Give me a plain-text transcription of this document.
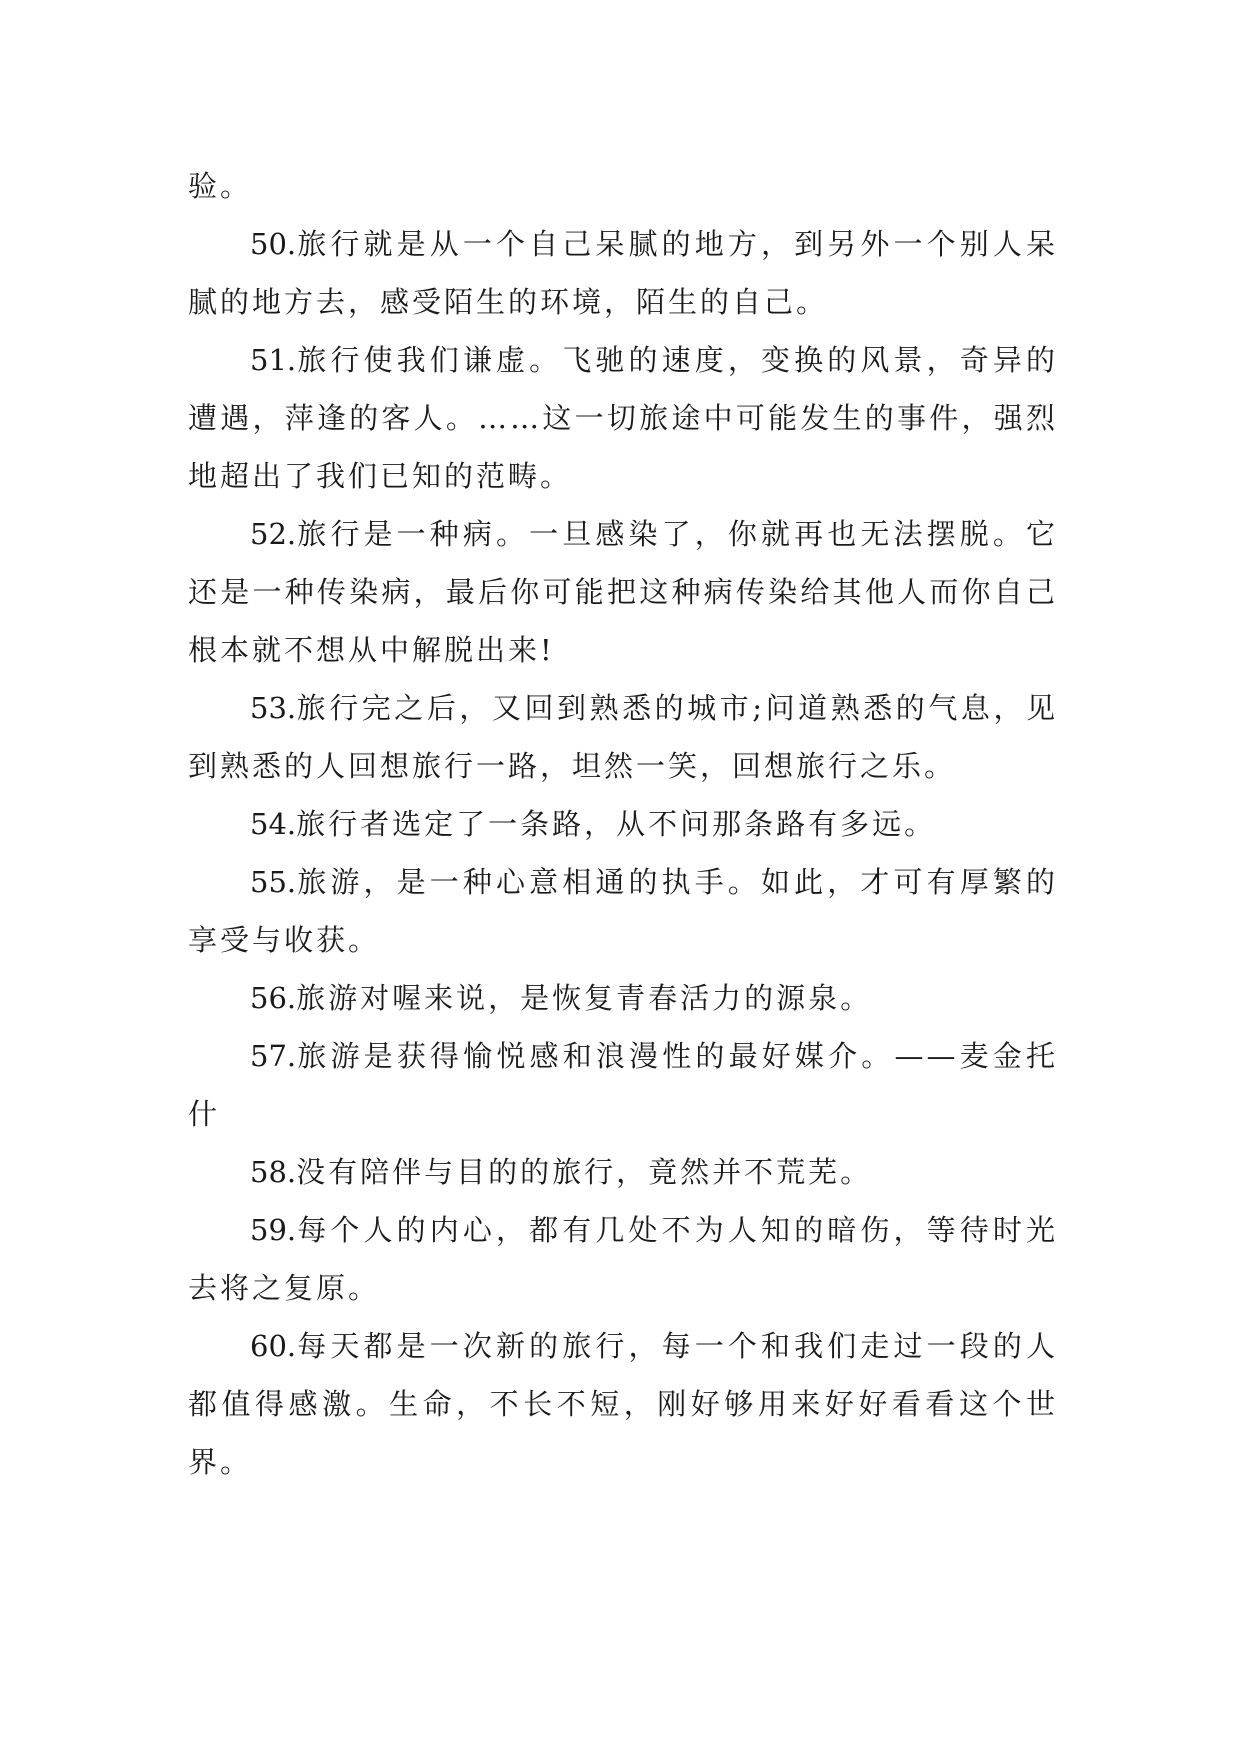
验。

50.旅行就是从一个自己呆腻的地方，到另外一个别人呆腻的地方去，感受陌生的环境，陌生的自己。

51.旅行使我们谦虚。飞驰的速度，变换的风景，奇异的遭遇，萍逢的客人。……这一切旅途中可能发生的事件，强烈地超出了我们已知的范畴。

52.旅行是一种病。一旦感染了，你就再也无法摆脱。它还是一种传染病，最后你可能把这种病传染给其他人而你自己根本就不想从中解脱出来!

53.旅行完之后，又回到熟悉的城市;问道熟悉的气息，见到熟悉的人回想旅行一路，坦然一笑，回想旅行之乐。

54.旅行者选定了一条路，从不问那条路有多远。

55.旅游，是一种心意相通的执手。如此，才可有厚繁的享受与收获。

56.旅游对喔来说，是恢复青春活力的源泉。

57.旅游是获得愉悦感和浪漫性的最好媒介。——麦金托什

58.没有陪伴与目的的旅行，竟然并不荒芜。

59.每个人的内心，都有几处不为人知的暗伤，等待时光去将之复原。

60.每天都是一次新的旅行，每一个和我们走过一段的人都值得感激。生命，不长不短，刚好够用来好好看看这个世界。
